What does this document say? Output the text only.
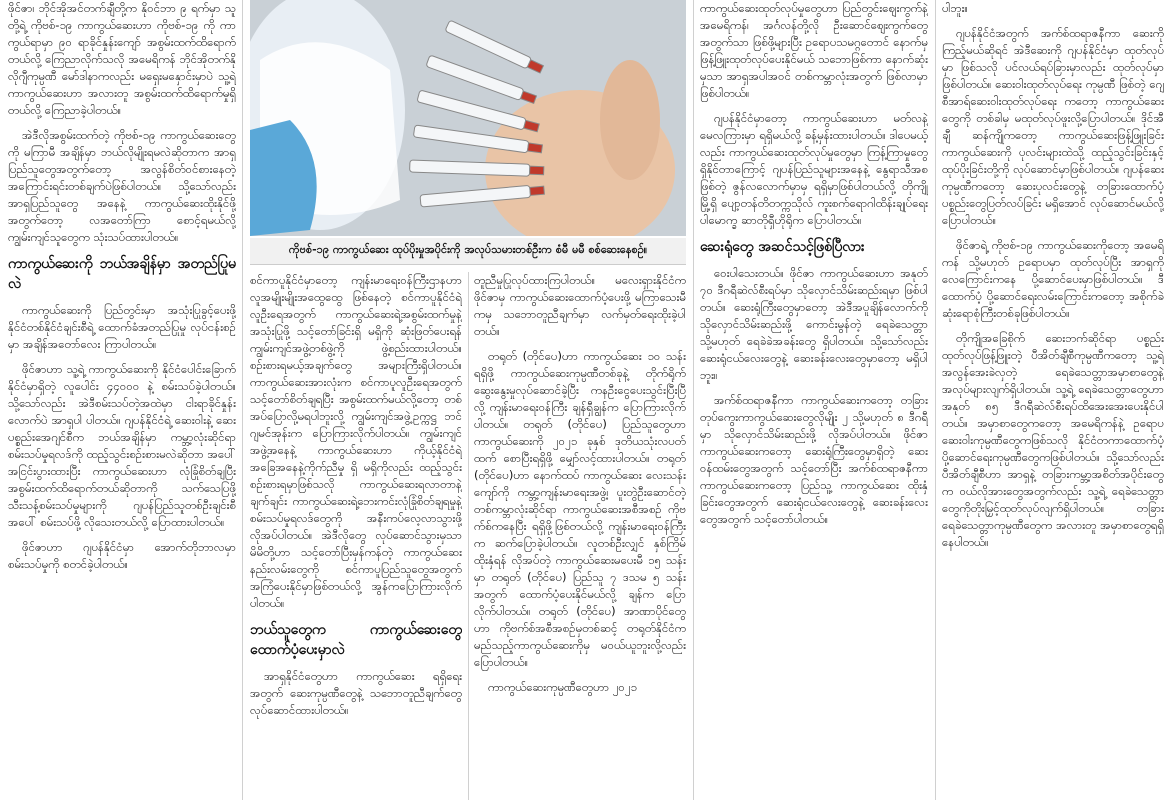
ဖိုင်ဇာ၊ ဘိုင်အိုအင်တက်ချီတို့က နိုဝင်ဘာ ၉ ရက်မှာ သူတို့ရဲ့ ကိုဗစ်-၁၉ ကာကွယ်ဆေးဟာ ကိုဗစ်-၁၉ ကို ကာကွယ်ရာမှာ ၉၀ ရာခိုင်နှုန်းကျော် အစွမ်းထက်ထိရောက်တယ်လို့ ကြေညာလိုက်သလို အမေရိကန် ဘိုင်အိုတက်နိုလိုဂျီကုမ္ပဏီ မော်ဒါနာကလည်း မရှေးမနှောင်းမှာပဲ သူ့ရဲ့ ကာကွယ်ဆေးဟာ အလားတူ အစွမ်းထက်ထိရောက်မှုရှိတယ်လို့ ကြေညာခဲ့ပါတယ်။

အဲဒီလိုအစွမ်းထက်တဲ့ ကိုဗစ်-၁၉ ကာကွယ်ဆေးတွေကို မကြာမီ အချိန်မှာ ဘယ်လိုမျိုးရမလဲဆိုတာက အာရှပြည်သူတွေအတွက်တော့ အလွန်စိတ်ဝင်စားနေတဲ့ အကြောင်းရင်းတစ်ချက်ပဲဖြစ်ပါတယ်။ သို့သော်လည်း အာရှပြည်သူတွေ အနေနဲ့ ကာကွယ်ဆေးထိုးနိုင်ဖို့အတွက်တော့ လအတော်ကြာ စောင့်ရမယ်လို့ ကျွမ်းကျင်သူတွေက သုံးသပ်ထားပါတယ်။

ကာကွယ်ဆေးကို ဘယ်အချိန်မှာ အတည်ပြုမလဲ

ကာကွယ်ဆေးကို ပြည်တွင်းမှာ အသုံးပြုခွင့်ပေးဖို့ နိုင်ငံတစ်နိုင်ငံချင်းစီရဲ့ ထောက်ခံအတည်ပြုမှု လုပ်ငန်းစဉ်မှာ အချိန်အတော်လေး ကြာပါတယ်။

ဖိုင်ဇာဟာ သူ့ရဲ့ ကာကွယ်ဆေးကို နိုင်ငံပေါင်းခြောက်နိုင်ငံမှာရှိတဲ့ လူပေါင်း ၄၄၀၀၀ နဲ့ စမ်းသပ်ခဲ့ပါတယ်။ သို့သော်လည်း အဲဒီစမ်းသပ်တဲ့အထဲမှာ ငါးရာခိုင်နှုန်းလောက်ပဲ အာရှပါ ပါတယ်။ ဂျပန်နိုင်ငံရဲ့ ဆေးဝါးနဲ့ ဆေးပစ္စည်းအေဂျင်စီက ဘယ်အချိန်မှာ ကမ္ဘာ့လုံးဆိုင်ရာ စမ်းသပ်မှုရလဒ်ကို ထည့်သွင်းစဉ်းစားမလဲဆိုတာ အပေါ် အငြင်းပွားထားပြီး ကာကွယ်ဆေးဟာ လုံခြုံစိတ်ချပြီး အစွမ်းထက်ထိရောက်တယ်ဆိုတာကို သက်သေပြဖို့ သီးသန့်စမ်းသပ်မှုများကို ဂျပန်ပြည်သူတစ်ဦးချင်းစီအပေါ် စမ်းသပ်ဖို့ လိုသေးတယ်လို့ ပြောထားပါတယ်။

ဖိုင်ဇာဟာ ဂျပန်နိုင်ငံမှာ အောက်တိုဘာလမှာ စမ်းသပ်မှုကို စတင်ခဲ့ပါတယ်။

ကိုဗစ်-၁၉ ကာကွယ်ဆေး ထုပ်ပိုးမှုအပိုင်းကို အလုပ်သမားတစ်ဦးက စံမီ မမီ စစ်ဆေးနေစဉ်။

စင်ကာပူနိုင်ငံမှာတော့ ကျန်းမာရေးဝန်ကြီးဌာနဟာ လူအမျိုးမျိုးအထွေထွေ ဖြစ်နေတဲ့ စင်ကာပူနိုင်ငံရဲ့ လူဦးရေအတွက် ကာကွယ်ဆေးရဲ့အစွမ်းထက်မှုနဲ့ အသုံးပြုဖို့ သင့်တော်ခြင်းရှိ မရှိကို ဆုံးဖြတ်ပေးရန် ကျွမ်းကျင်အဖွဲ့တစ်ဖွဲ့ကို ဖွဲ့စည်းထားပါတယ်။ စဉ်းစားရမယ့်အချက်တွေ အများကြီးရှိပါတယ်။ ကာကွယ်ဆေးအားလုံးက စင်ကာပူလူဦးရေအတွက် သင့်တော်စိတ်ချရပြီး အစွမ်းထက်မယ်လို့တော့ တစ်အပ်ပြောလို့မရပါဘူးလို့ ကျွမ်းကျင်အဖွဲ့ဥက္ကဋ္ဌ ဘင်ဂျမင်အုန်းက ပြောကြားလိုက်ပါတယ်။ ကျွမ်းကျင်အဖွဲ့အနေနဲ့ ကာကွယ်ဆေးဟာ ကိုယ့်နိုင်ငံရဲ့ အခြေအနေနဲ့ကိုက်ညီမှု ရှိ မရှိကိုလည်း ထည့်သွင်းစဉ်းစားရမှာဖြစ်သလို ကာကွယ်ဆေးရလာတာနဲ့ချက်ချင်း ကာကွယ်ဆေးရဲ့ဘေးကင်းလုံခြုံစိတ်ချရမှုနဲ့ စမ်းသပ်မှုရလဒ်တွေကို အနီးကပ်လေ့လာသွားဖို့ လိုအပ်ပါတယ်။ အဲဒီလိုတွေ လုပ်ဆောင်သွားမှသာ မိမိတို့ဟာ သင့်တော်ပြီးမှန်ကန်တဲ့ ကာကွယ်ဆေးနည်းလမ်းတွေကို စင်ကာပူပြည်သူတွေအတွက် အကြံပေးနိုင်မှာဖြစ်တယ်လို့ အွန်ကပြောကြားလိုက်ပါတယ်။

ဘယ်သူတွေက ကာကွယ်ဆေးတွေထောက်ပံ့ပေးမှာလဲ

အာရှနိုင်ငံတွေဟာ ကာကွယ်ဆေး ရရှိရေးအတွက် ဆေးကုမ္ပဏီတွေနဲ့ သဘောတူညီချက်တွေ လုပ်ဆောင်ထားပါတယ်။

တူညီမှုပြုလုပ်ထားကြပါတယ်။ မလေးရှားနိုင်ငံက ဖိုင်ဇာမှ ကာကွယ်ဆေးထောက်ပံ့ပေးဖို့ မကြာသေးမီကမှ သဘောတူညီချက်မှာ လက်မှတ်ရေးထိုးခဲ့ပါတယ်။

တရုတ် (တိုင်ပေ)ဟာ ကာကွယ်ဆေး ၁၀ သန်းရရှိဖို့ ကာကွယ်ဆေးကုမ္ပဏီတစ်ခုနဲ့ တိုက်ရိုက်ဆွေးနွေးမှုလုပ်ဆောင်ခဲ့ပြီး ကနဦးငွေပေးသွင်းပြီးပြီလို့ ကျန်းမာရေးဝန်ကြီး ချန်ရှီချွန်က ပြောကြားလိုက်ပါတယ်။ တရုတ် (တိုင်ပေ) ပြည်သူတွေဟာ ကာကွယ်ဆေးကို ၂၀၂၁ ခုနှစ် ဒုတိယသုံးလပတ်ထက် စောပြီးရရှိဖို့ မျှော်လင့်ထားပါတယ်။ တရုတ် (တိုင်ပေ)ဟာ နောက်ထပ် ကာကွယ်ဆေး လေးသန်းကျော်ကို ကမ္ဘာ့ကျန်းမာရေးအဖွဲ့၊ ပူးတွဲဦးဆောင်တဲ့ တစ်ကမ္ဘာလုံးဆိုင်ရာ ကာကွယ်ဆေးအစီအစဉ် ကိုဗက်စ်ကနေပြီး ရရှိဖို့ဖြစ်တယ်လို့ ကျန်းမာရေးဝန်ကြီးက ဆက်ပြောခဲ့ပါတယ်။ လူတစ်ဦးလျှင် နှစ်ကြိမ် ထိုးနှံရန် လိုအပ်တဲ့ ကာကွယ်ဆေးမပေးမီ ၁၅ သန်းမှာ တရုတ် (တိုင်ပေ) ပြည်သူ ၇ ဒသမ ၅ သန်းအတွက် ထောက်ပံ့ပေးနိုင်မယ်လို့ ချန်က ပြောလိုက်ပါတယ်။ တရုတ် (တိုင်ပေ) အာဏာပိုင်တွေဟာ ကိုဗက်စ်အစီအစဉ်မှတစ်ဆင့် တရုတ်နိုင်ငံက မည်သည့်ကာကွယ်ဆေးကိုမှ မဝယ်ယူဘူးလို့လည်း ပြောပါတယ်။

ကာကွယ်ဆေးကုမ္ပဏီတွေဟာ ၂၀၂၁

ကာကွယ်ဆေးထုတ်လုပ်မှုတွေဟာ ပြည်တွင်းဈေးကွက်နဲ့ အမေရိကန်၊ အင်္ဂလန်တို့လို ဦးဆောင်ဈေးကွက်တွေအတွက်သာ ဖြစ်ဖို့များပြီး ဥရောပသမဂ္ဂတောင် နောက်မှ ဖြန့်ဖြူးထုတ်လုပ်ပေးနိုင်မယ် သဘောဖြစ်ကာ နောက်ဆုံးမှသာ အာရှအပါအဝင် တစ်ကမ္ဘာလုံးအတွက် ဖြစ်လာမှာဖြစ်ပါတယ်။

ဂျပန်နိုင်ငံမှာတော့ ကာကွယ်ဆေးဟာ မတ်လနဲ့ မေလကြားမှာ ရရှိမယ်လို့ ခန့်မှန်းထားပါတယ်။ ဒါပေမယ့်လည်း ကာကွယ်ဆေးထုတ်လုပ်မှုတွေမှာ ကြန့်ကြာမှုတွေ ရှိနိုင်တာကြောင့် ဂျပန်ပြည်သူများအနေနဲ့ နွေရာသီအစဖြစ်တဲ့ ဇွန်လလောက်မှာမှ ရရှိမှာဖြစ်ပါတယ်လို့ တိုကျိုမြို့ရှိ ပျော့တန်တိတက္ကသိုလ် ကူးစက်ရောဂါထိန်းချုပ်ရေးပါမောက္ခ ဆာတိုရှီဟိုရိုက ပြောပါတယ်။

ဆေးရုံတွေ အဆင်သင့်ဖြစ်ပြီလား

ဝေးပါသေးတယ်။ ဖိုင်ဇာ ကာကွယ်ဆေးဟာ အနုတ် ၇၀ ဒီဂရီဆဲလ်စီးရပ်မှာ သိုလှောင်သိမ်းဆည်းရမှာ ဖြစ်ပါတယ်။ ဆေးရုံကြီးတွေမှာတော့ အဲဒီအပူချိန်လောက်ကို သိုလှောင်သိမ်းဆည်းဖို့ ကောင်းမွန်တဲ့ ရေခဲသေတ္တာ သို့မဟုတ် ရေခဲခဲအခန်းတွေ ရှိပါတယ်။ သို့သော်လည်း ဆေးရုံငယ်လေးတွေနဲ့ ဆေးခန်းလေးတွေမှာတော့ မရှိပါဘူး။

အက်စ်ထရာဇနီကာ ကာကွယ်ဆေးကတော့ တခြားတုပ်ကွေးကာကွယ်ဆေးတွေလိုမျိုး ၂ သို့မဟုတ် ၈ ဒီဂရီမှာ သိုလှောင်သိမ်းဆည်းဖို့ လိုအပ်ပါတယ်။ ဖိုင်ဇာကာကွယ်ဆေးကတော့ ဆေးရုံကြီးတွေမှာရှိတဲ့ ဆေးဝန်ထမ်းတွေအတွက် သင့်တော်ပြီး အက်စ်ထရာဇနီကာ ကာကွယ်ဆေးကတော့ ပြည်သူ့ ကာကွယ်ဆေး ထိုးနှံခြင်းတွေအတွက် ဆေးရုံငယ်လေးတွေနဲ့ ဆေးခန်းလေးတွေအတွက် သင့်တော်ပါတယ်။

ပါဘူး။

ဂျပန်နိုင်ငံအတွက် အက်စ်ထရာဇနီကာ ဆေးကို ကြည့်မယ်ဆိုရင် အဲဒီဆေးကို ဂျပန်နိုင်ငံမှာ ထုတ်လုပ်မှာ ဖြစ်သလို ပင်လယ်ရပ်ခြားမှာလည်း ထုတ်လုပ်မှာ ဖြစ်ပါတယ်။ ဆေးဝါးထုတ်လုပ်ရေး ကုမ္ပဏီ ဖြစ်တဲ့ ဂျေစီအာရ်ဆေးဝါးထုတ်လုပ်ရေး ကတော့ ကာကွယ်ဆေးတွေကို တစ်ခါမှ မထုတ်လုပ်ဖူးလို့ပြောပါတယ်။ ဒိုင်အီချီ ဆန်ကျိုကတော့ ကာကွယ်ဆေးဖြန့်ဖြူးခြင်း ကာကွယ်ဆေးကို ပုလင်းများထဲသို့ ထည့်သွင်းခြင်းနှင့် ထုပ်ပိုးခြင်းတို့ကို လုပ်ဆောင်မှာဖြစ်ပါတယ်။ ဂျပန်ဆေးကုမ္ပဏီကတော့ ဆေးပုလင်းတွေနဲ့ တခြားထောက်ပံ့ပစ္စည်းတွေပြတ်လပ်ခြင်း မရှိအောင် လုပ်ဆောင်မယ်လို့ ပြောပါတယ်။

ဖိုင်ဇာရဲ့ ကိုဗစ်-၁၉ ကာကွယ်ဆေးကိုတော့ အမေရိကန် သို့မဟုတ် ဥရောပမှာ ထုတ်လုပ်ပြီး အာရှကို လေကြောင်းကနေ ပို့ဆောင်ပေးမှာဖြစ်ပါတယ်။ ဒီထောက်ပံ့ ပို့ဆောင်ရေးလမ်းကြောင်းကတော့ အစိုက်ခဲဆုံးရောစုံကြီးတစ်ခုဖြစ်ပါတယ်။

တိုကျိုအခြေစိုက် ဆေးဘက်ဆိုင်ရာ ပစ္စည်းထုတ်လုပ်ဖြန့်ဖြူးတဲ့ ပီအိတ်ချီစီကုမ္ပဏီကတော့ သူ့ရဲ့ အလွန်အေးခဲလှတဲ့ ရေခဲသေတ္တာအမှာစာတွေနဲ့ အလုပ်များလျက်ရှိပါတယ်။ သူ့ရဲ့ ရေခဲသေတ္တာတွေဟာ အနုတ် ၈၅ ဒီဂရီဆဲလ်စီးရပ်ထိအေးအေးပေးနိုင်ပါတယ်။ အမှာစာတွေကတော့ အမေရိကန်နဲ့ ဥရောပဆေးဝါးကုမ္ပဏီတွေကဖြစ်သလို နိုင်ငံတကာထောက်ပံ့ပို့ဆောင်ရေးကုမ္ပဏီတွေကဖြစ်ပါတယ်။ သို့သော်လည်း ပီအိတ်ချီစီဟာ အာရှနဲ့ တခြားကမ္ဘာ့အစိတ်အပိုင်းတွေက ဝယ်လိုအားတွေအတွက်လည်း သူ့ရဲ့ ရေခဲသေတ္တာတွေကိုတိုးမြှင့်ထုတ်လုပ်လျက်ရှိပါတယ်။ တခြားရေခဲသေတ္တာကုမ္ပဏီတွေက အလားတူ အမှာစာတွေရရှိနေပါတယ်။
